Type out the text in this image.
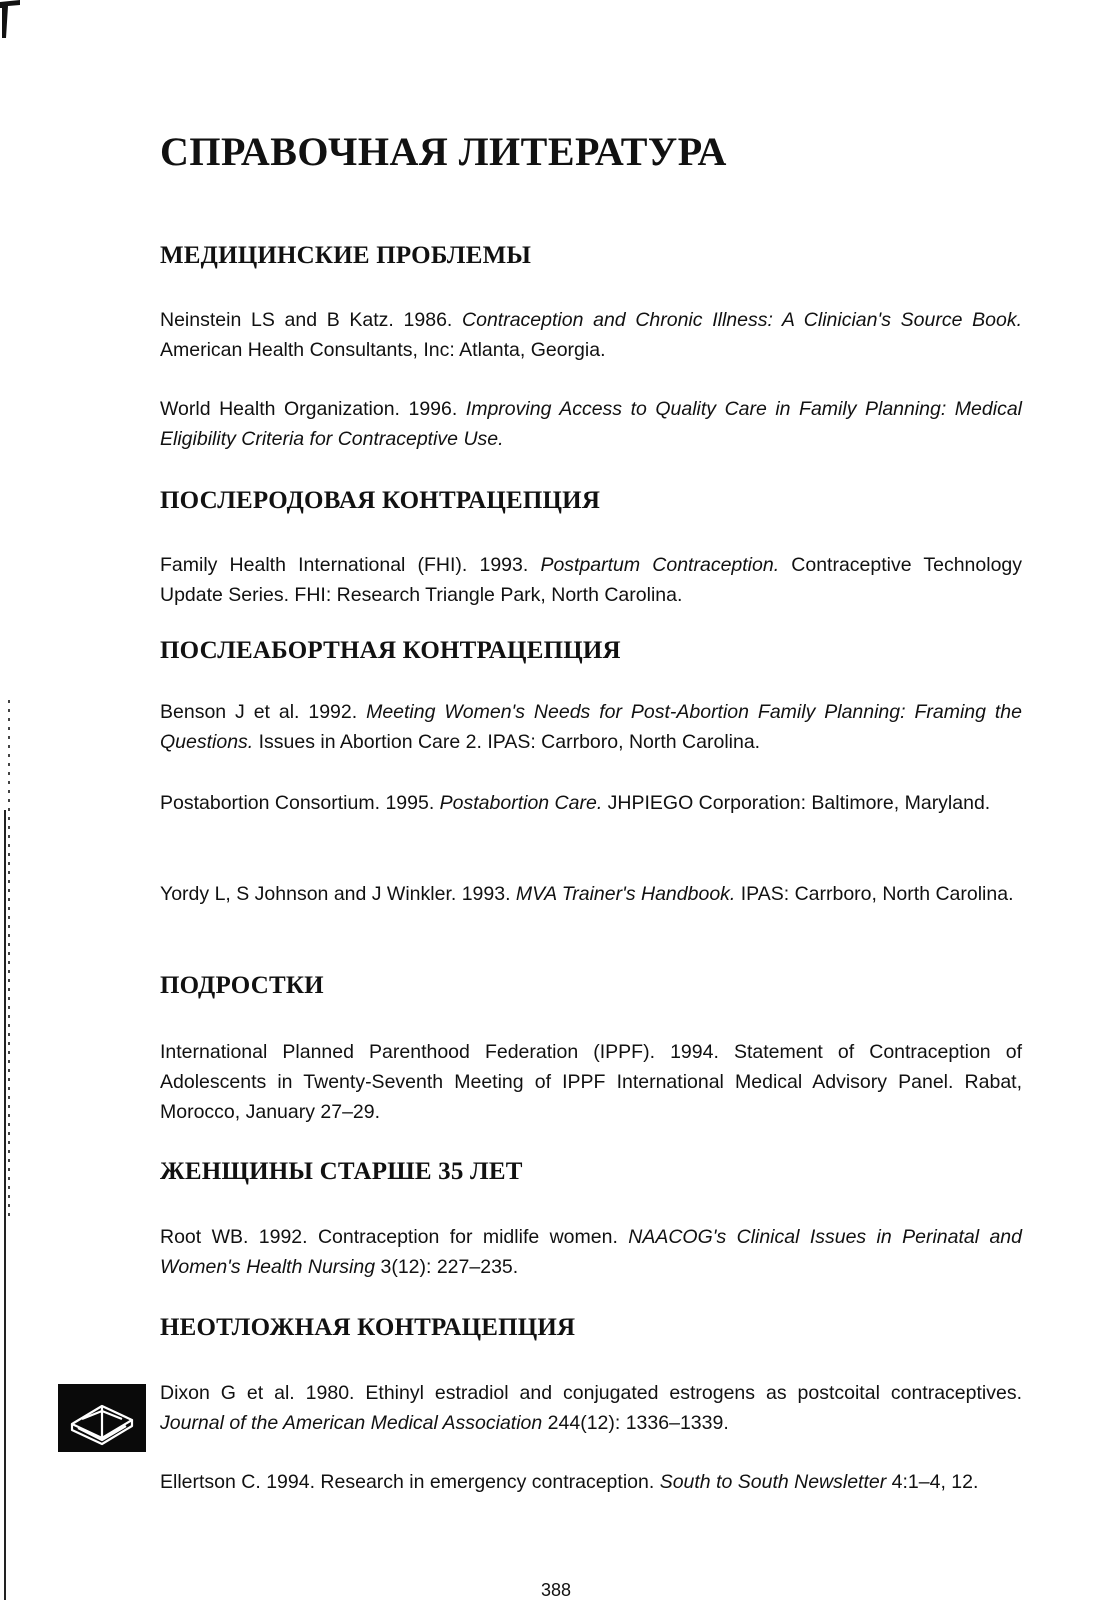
СПРАВОЧНАЯ ЛИТЕРАТУРА
МЕДИЦИНСКИЕ ПРОБЛЕМЫ

Neinstein LS and B Katz. 1986. Contraception and Chronic Illness: A Clinician's Source Book. American Health Consultants, Inc: Atlanta, Georgia.

World Health Organization. 1996. Improving Access to Quality Care in Family Planning: Medical Eligibility Criteria for Contraceptive Use.

ПОСЛЕРОДОВАЯ КОНТРАЦЕПЦИЯ

Family Health International (FHI). 1993. Postpartum Contraception. Contraceptive Technology Update Series. FHI: Research Triangle Park, North Carolina.

ПОСЛЕАБОРТНАЯ КОНТРАЦЕПЦИЯ

Benson J et al. 1992. Meeting Women's Needs for Post-Abortion Family Planning: Framing the Questions. Issues in Abortion Care 2. IPAS: Carrboro, North Carolina.

Postabortion Consortium. 1995. Postabortion Care. JHPIEGO Corporation: Baltimore, Maryland.

Yordy L, S Johnson and J Winkler. 1993. MVA Trainer's Handbook. IPAS: Carrboro, North Carolina.

ПОДРОСТКИ

International Planned Parenthood Federation (IPPF). 1994. Statement of Contraception of Adolescents in Twenty-Seventh Meeting of IPPF International Medical Advisory Panel. Rabat, Morocco, January 27–29.

ЖЕНЩИНЫ СТАРШЕ 35 ЛЕТ

Root WB. 1992. Contraception for midlife women. NAACOG's Clinical Issues in Perinatal and Women's Health Nursing 3(12): 227–235.

НЕОТЛОЖНАЯ КОНТРАЦЕПЦИЯ

Dixon G et al. 1980. Ethinyl estradiol and conjugated estrogens as postcoital contraceptives. Journal of the American Medical Association 244(12): 1336–1339.

Ellertson C. 1994. Research in emergency contraception. South to South Newsletter 4:1–4, 12.

388
